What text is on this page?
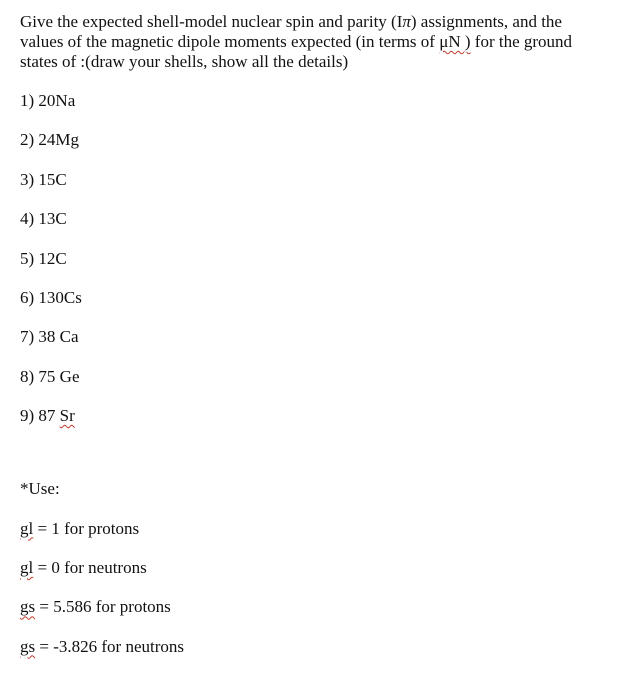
Give the expected shell-model nuclear spin and parity (Iπ) assignments, and the
values of the magnetic dipole moments expected (in terms of μN ) for the ground
states of :(draw your shells, show all the details)

1) 20Na

2) 24Mg

3) 15C

4) 13C

5) 12C

6) 130Cs

7) 38 Ca

8) 75 Ge

9) 87 Sr

*Use:

gl = 1 for protons

gl = 0 for neutrons

gs = 5.586 for protons

gs = -3.826 for neutrons
